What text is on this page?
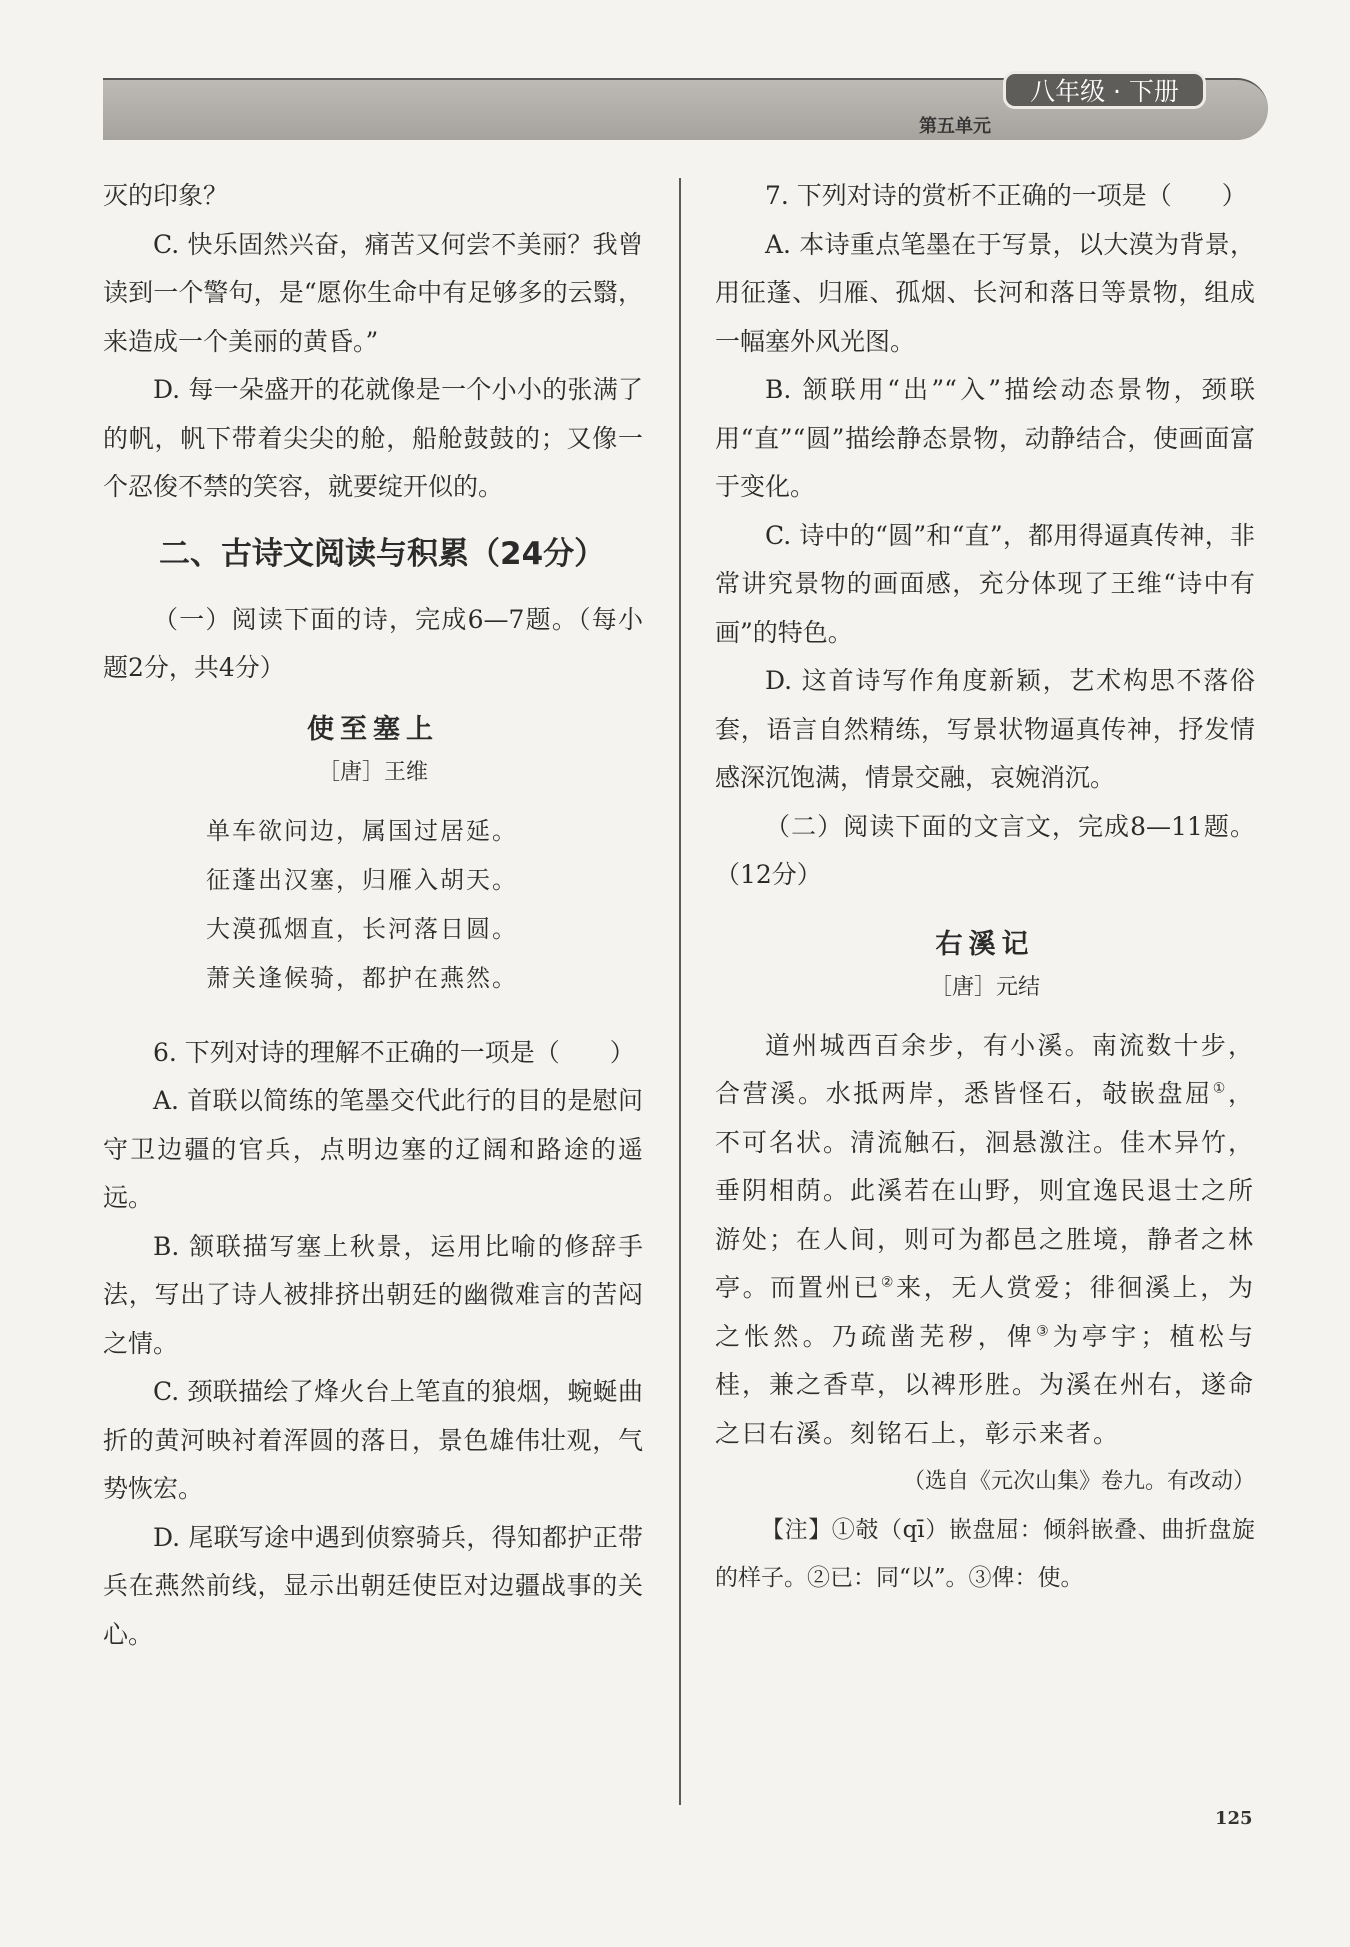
八年级 · 下册
第五单元

灭的印象？

C. 快乐固然兴奋，痛苦又何尝不美丽？我曾读到一个警句，是“愿你生命中有足够多的云翳，来造成一个美丽的黄昏。”

D. 每一朵盛开的花就像是一个小小的张满了的帆，帆下带着尖尖的舱，船舱鼓鼓的；又像一个忍俊不禁的笑容，就要绽开似的。

二、古诗文阅读与积累（24分）

（一）阅读下面的诗，完成6—7题。（每小题2分，共4分）

使至塞上
［唐］王维
单车欲问边，属国过居延。
征蓬出汉塞，归雁入胡天。
大漠孤烟直，长河落日圆。
萧关逢候骑，都护在燕然。

6. 下列对诗的理解不正确的一项是（　　）

A. 首联以简练的笔墨交代此行的目的是慰问守卫边疆的官兵，点明边塞的辽阔和路途的遥远。

B. 颔联描写塞上秋景，运用比喻的修辞手法，写出了诗人被排挤出朝廷的幽微难言的苦闷之情。

C. 颈联描绘了烽火台上笔直的狼烟，蜿蜒曲折的黄河映衬着浑圆的落日，景色雄伟壮观，气势恢宏。

D. 尾联写途中遇到侦察骑兵，得知都护正带兵在燕然前线，显示出朝廷使臣对边疆战事的关心。

7. 下列对诗的赏析不正确的一项是（　　）

A. 本诗重点笔墨在于写景，以大漠为背景，用征蓬、归雁、孤烟、长河和落日等景物，组成一幅塞外风光图。

B. 颔联用“出”“入”描绘动态景物，颈联用“直”“圆”描绘静态景物，动静结合，使画面富于变化。

C. 诗中的“圆”和“直”，都用得逼真传神，非常讲究景物的画面感，充分体现了王维“诗中有画”的特色。

D. 这首诗写作角度新颖，艺术构思不落俗套，语言自然精练，写景状物逼真传神，抒发情感深沉饱满，情景交融，哀婉消沉。

（二）阅读下面的文言文，完成8—11题。（12分）

右溪记
［唐］元结

道州城西百余步，有小溪。南流数十步，合营溪。水抵两岸，悉皆怪石，攲嵌盘屈①，不可名状。清流触石，洄悬激注。佳木异竹，垂阴相荫。此溪若在山野，则宜逸民退士之所游处；在人间，则可为都邑之胜境，静者之林亭。而置州已②来，无人赏爱；徘徊溪上，为之怅然。乃疏凿芜秽，俾③为亭宇；植松与桂，兼之香草，以裨形胜。为溪在州右，遂命之曰右溪。刻铭石上，彰示来者。

（选自《元次山集》卷九。有改动）

【注】①攲（qī）嵌盘屈：倾斜嵌叠、曲折盘旋的样子。②已：同“以”。③俾：使。

125
